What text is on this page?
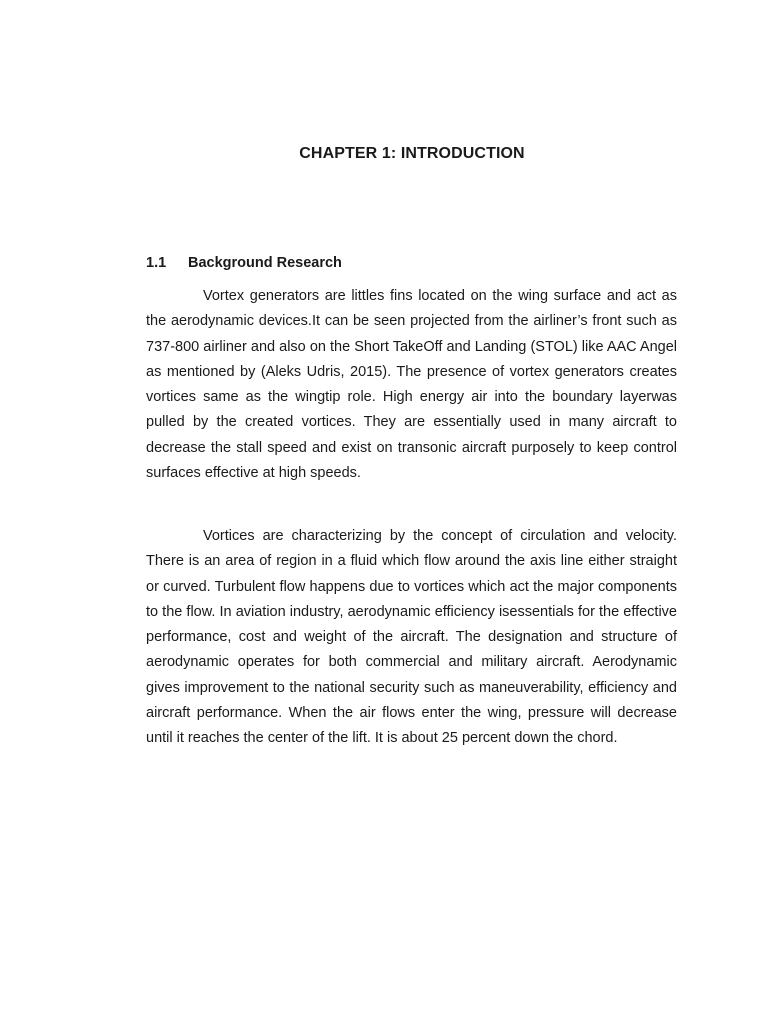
CHAPTER 1: INTRODUCTION
1.1 Background Research

Vortex generators are littles fins located on the wing surface and act as the aerodynamic devices.It can be seen projected from the airliner’s front such as 737-800 airliner and also on the Short TakeOff and Landing (STOL) like AAC Angel as mentioned by (Aleks Udris, 2015). The presence of vortex generators creates vortices same as the wingtip role. High energy air into the boundary layerwas pulled by the created vortices. They are essentially used in many aircraft to decrease the stall speed and exist on transonic aircraft purposely to keep control surfaces effective at high speeds.

Vortices are characterizing by the concept of circulation and velocity. There is an area of region in a fluid which flow around the axis line either straight or curved. Turbulent flow happens due to vortices which act the major components to the flow. In aviation industry, aerodynamic efficiency isessentials for the effective performance, cost and weight of the aircraft. The designation and structure of aerodynamic operates for both commercial and military aircraft. Aerodynamic gives improvement to the national security such as maneuverability, efficiency and aircraft performance. When the air flows enter the wing, pressure will decrease until it reaches the center of the lift. It is about 25 percent down the chord.
